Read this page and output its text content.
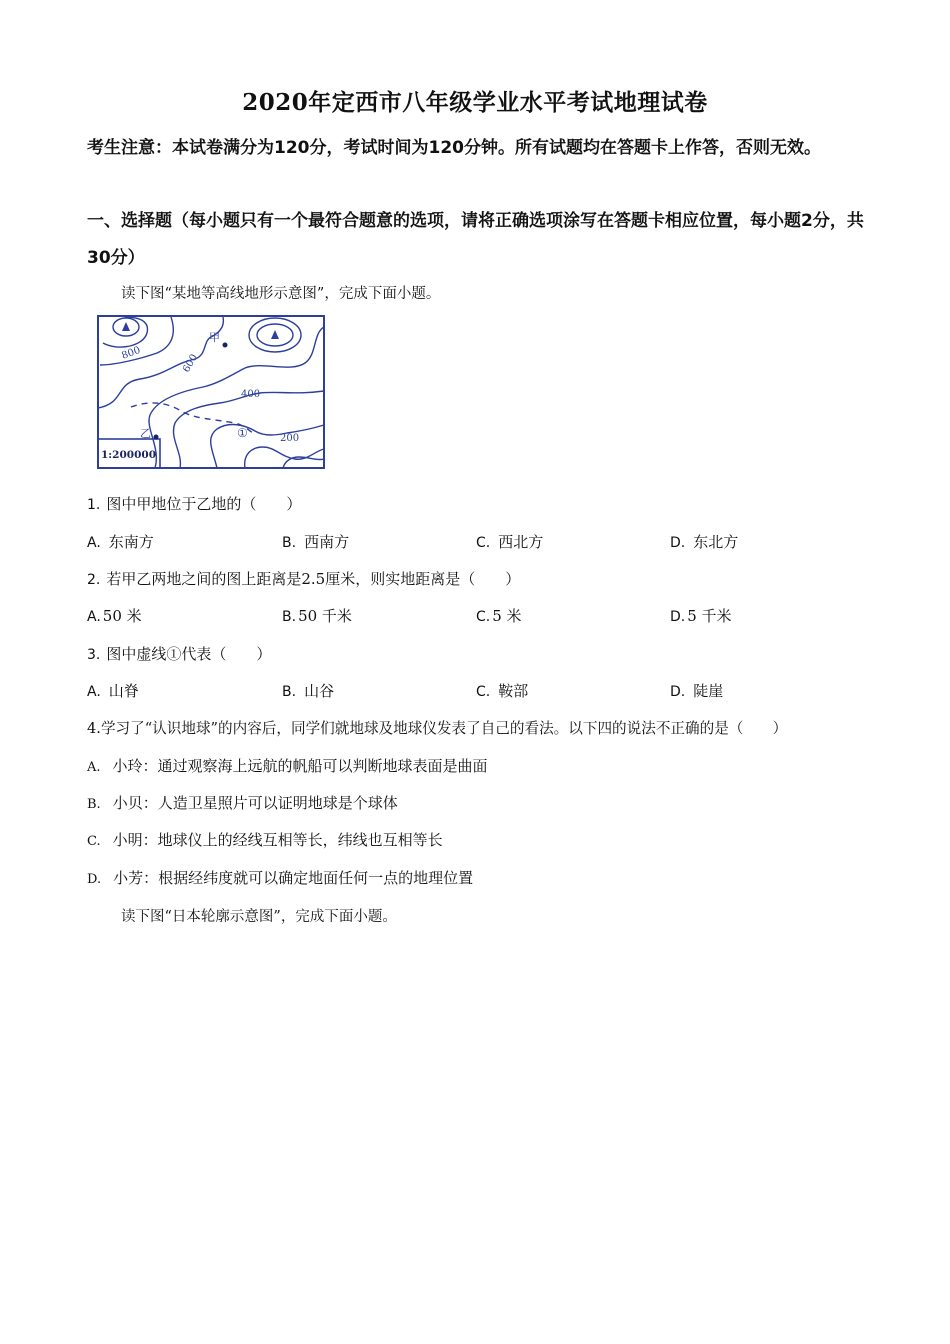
2020年定西市八年级学业水平考试地理试卷
考生注意：本试卷满分为120分，考试时间为120分钟。所有试题均在答题卡上作答，否则无效。
一、选择题（每小题只有一个最符合题意的选项，请将正确选项涂写在答题卡相应位置，每小题2分，共30分）
读下图“某地等高线地形示意图”，完成下面小题。
甲
乙
800	600
400
200
①
1:200000
1. 图中甲地位于乙地的（　　）
A. 东南方	B. 西南方	C. 西北方	D. 东北方
2. 若甲乙两地之间的图上距离是2.5厘米，则实地距离是（　　）
A. 50 米	B. 50 千米	C. 5 米	D. 5 千米
3. 图中虚线①代表（　　）
A. 山脊	B. 山谷	C. 鞍部	D. 陡崖
4.学习了“认识地球”的内容后，同学们就地球及地球仪发表了自己的看法。以下四的说法不正确的是（　　）
A. 小玲：通过观察海上远航的帆船可以判断地球表面是曲面
B. 小贝：人造卫星照片可以证明地球是个球体
C. 小明：地球仪上的经线互相等长，纬线也互相等长
D. 小芳：根据经纬度就可以确定地面任何一点的地理位置
读下图“日本轮廓示意图”，完成下面小题。
